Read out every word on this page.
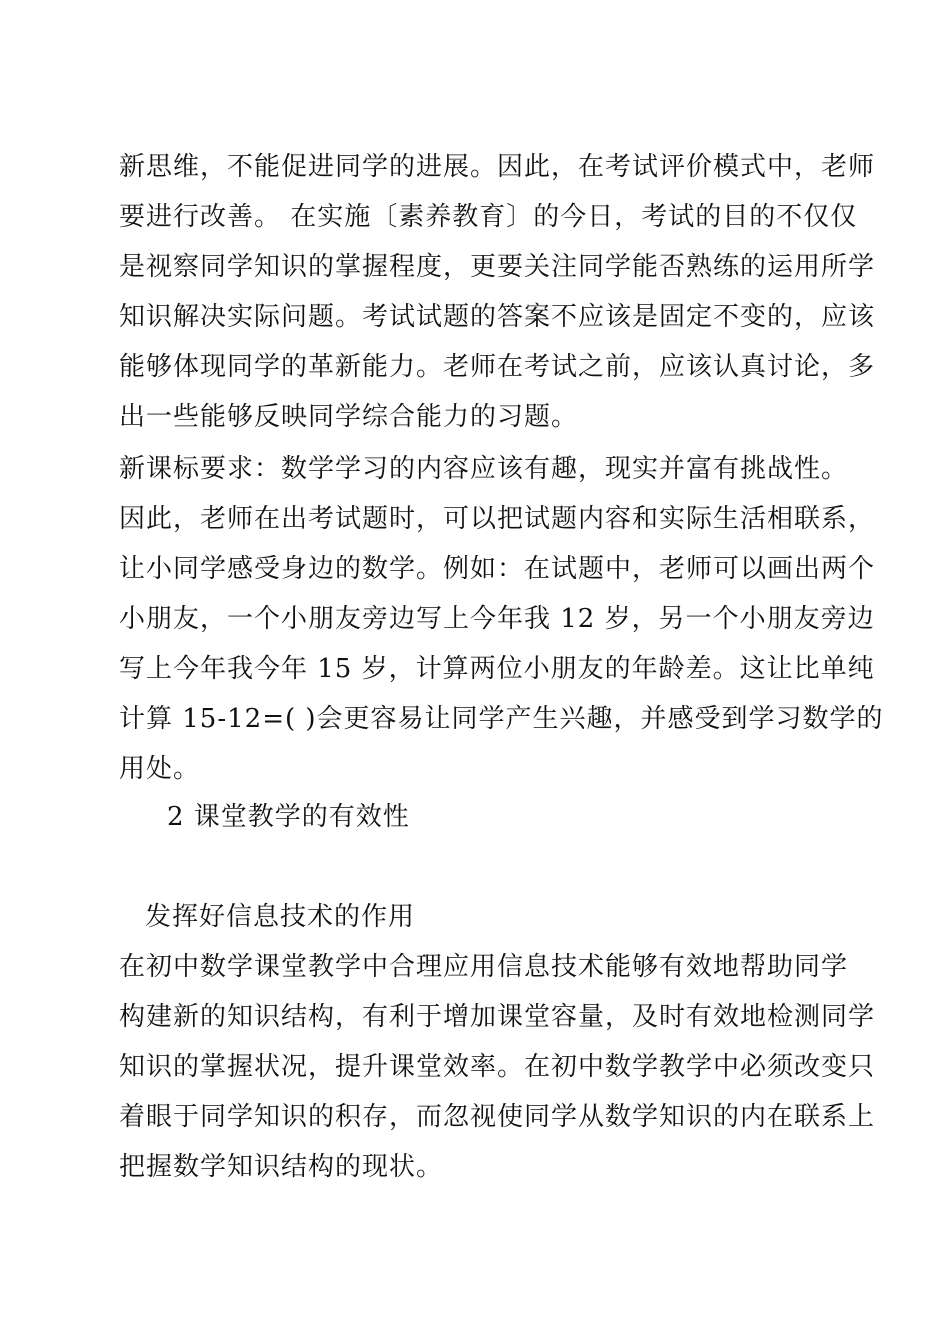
新思维，不能促进同学的进展。因此，在考试评价模式中，老师
要进行改善。 在实施〔素养教育〕的今日，考试的目的不仅仅
是视察同学知识的掌握程度，更要关注同学能否熟练的运用所学
知识解决实际问题。考试试题的答案不应该是固定不变的，应该
能够体现同学的革新能力。老师在考试之前，应该认真讨论，多
出一些能够反映同学综合能力的习题。
新课标要求：数学学习的内容应该有趣，现实并富有挑战性。
因此，老师在出考试题时，可以把试题内容和实际生活相联系，
让小同学感受身边的数学。例如：在试题中，老师可以画出两个
小朋友，一个小朋友旁边写上今年我 12 岁，另一个小朋友旁边
写上今年我今年 15 岁，计算两位小朋友的年龄差。这让比单纯
计算 15-12=( )会更容易让同学产生兴趣，并感受到学习数学的
用处。
2 课堂教学的有效性
发挥好信息技术的作用
在初中数学课堂教学中合理应用信息技术能够有效地帮助同学
构建新的知识结构，有利于增加课堂容量，及时有效地检测同学
知识的掌握状况，提升课堂效率。在初中数学教学中必须改变只
着眼于同学知识的积存，而忽视使同学从数学知识的内在联系上
把握数学知识结构的现状。
